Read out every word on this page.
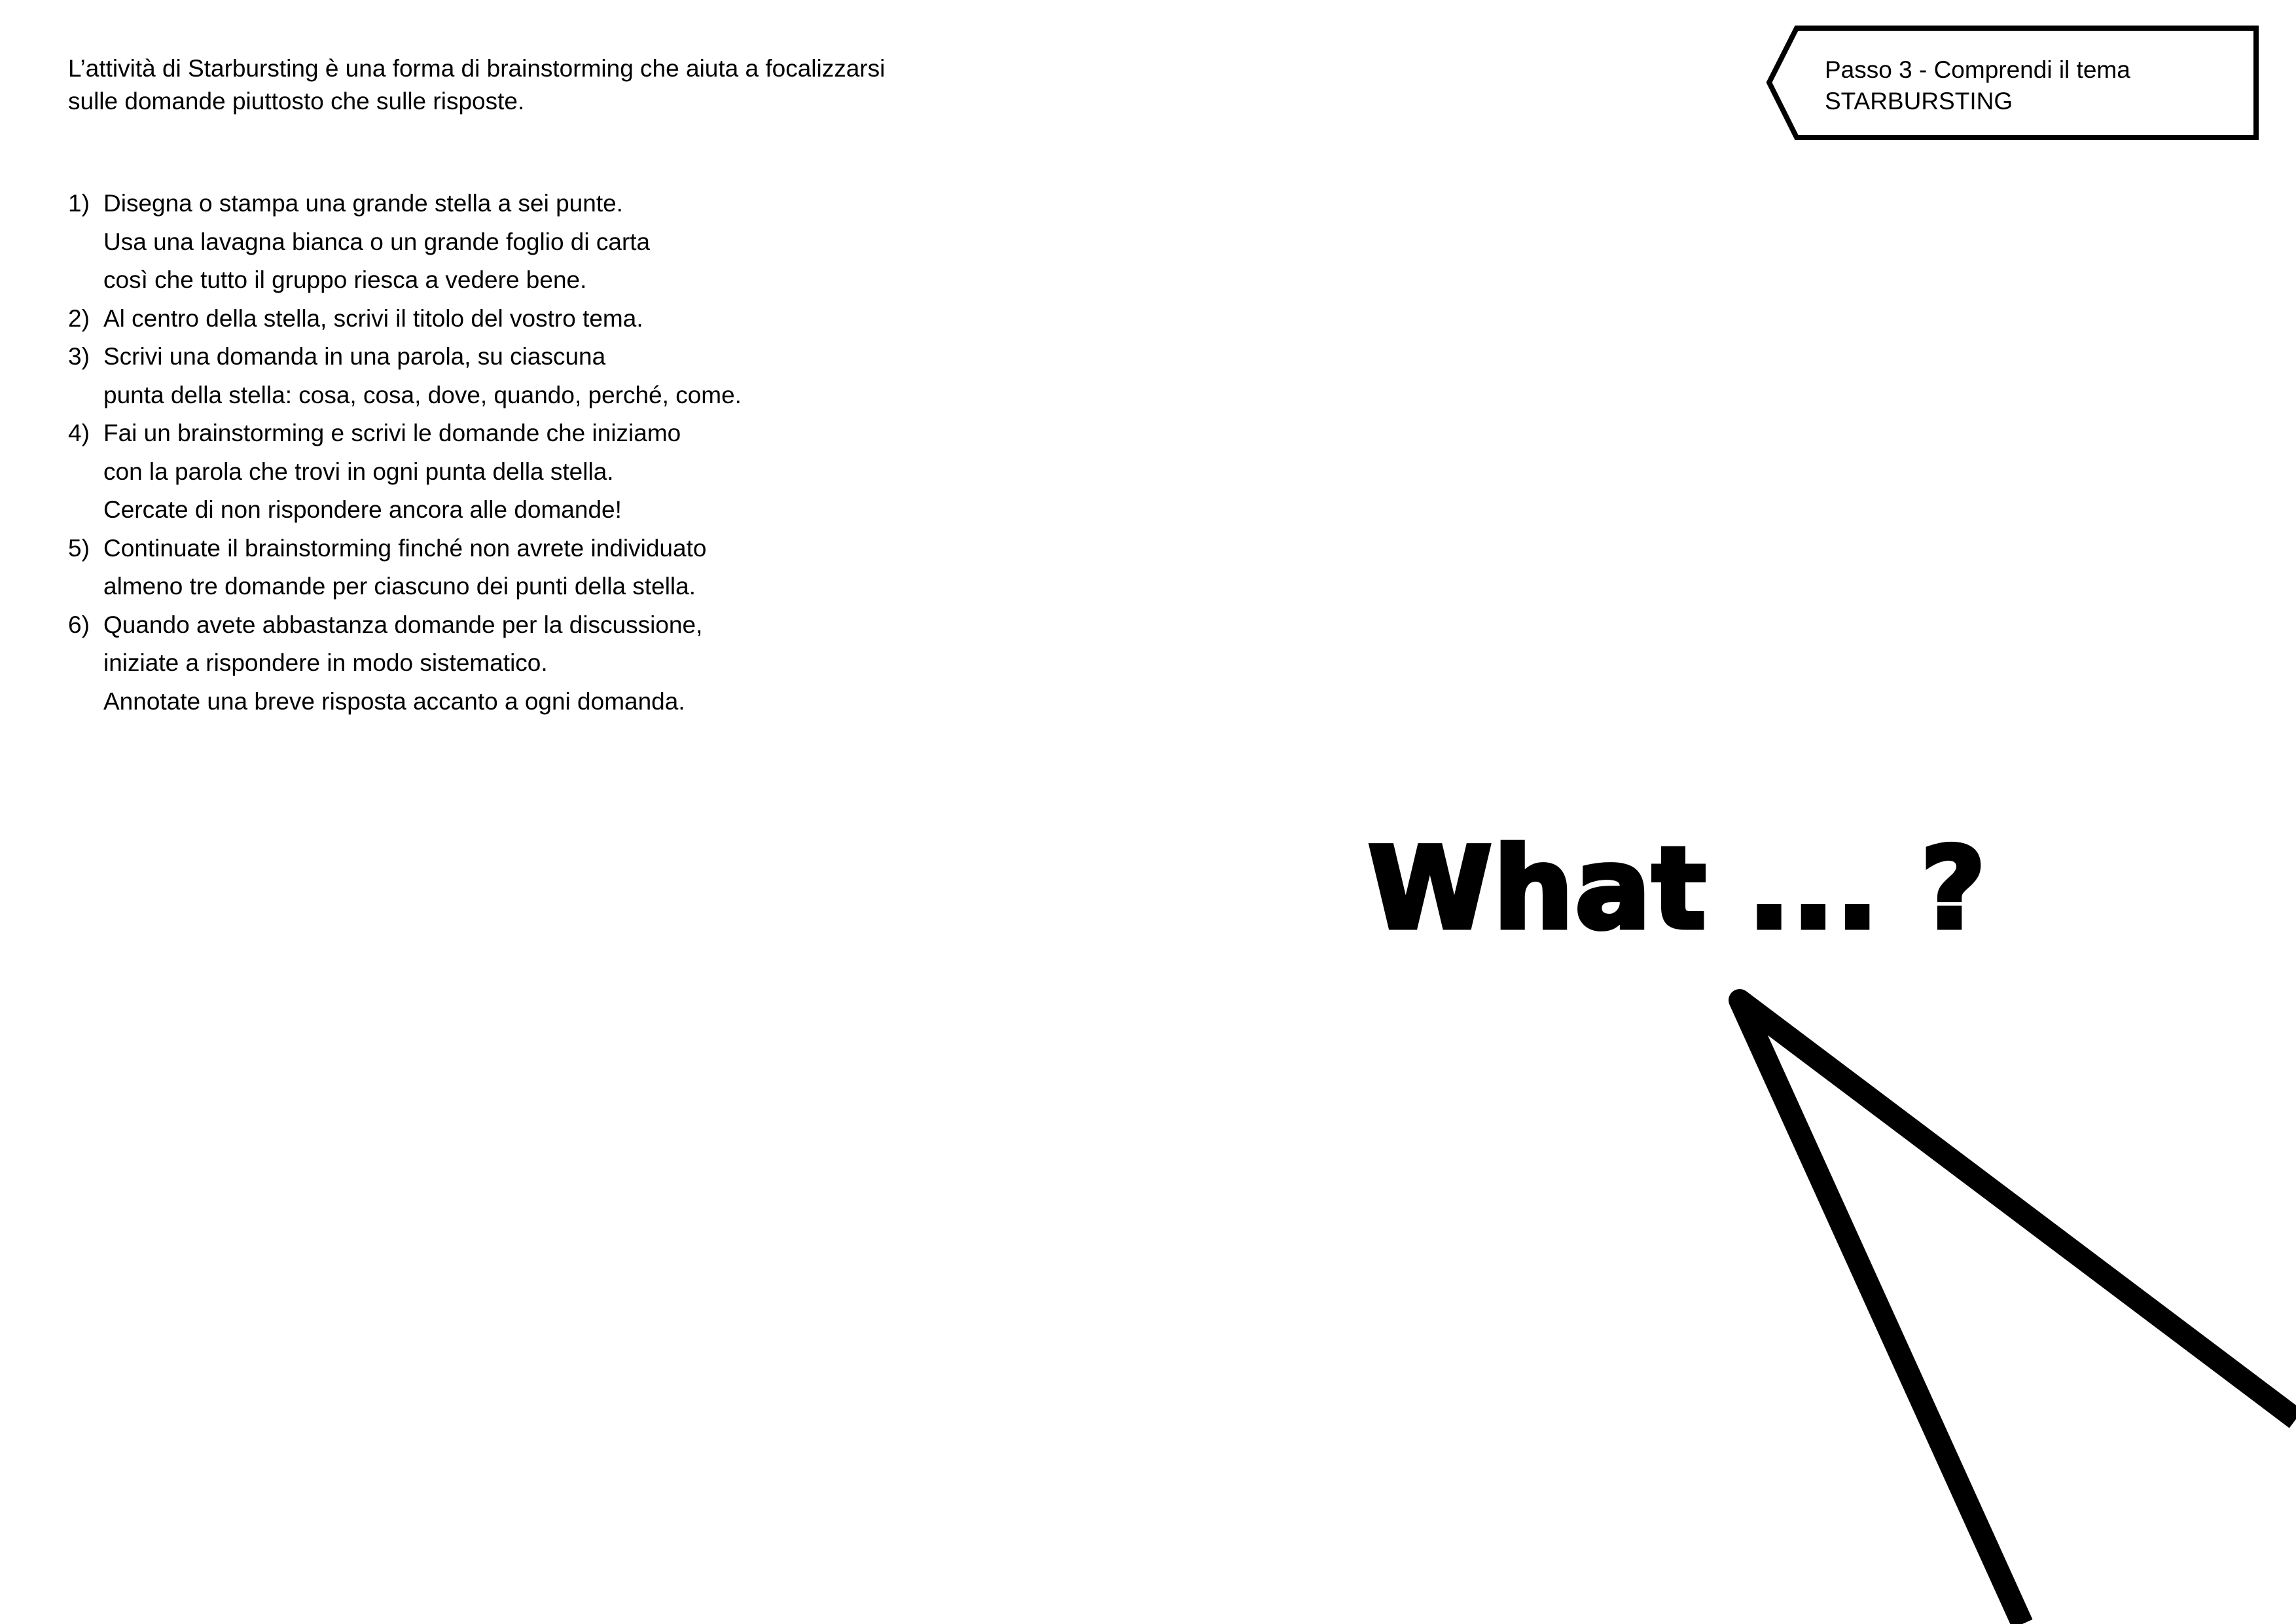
L’attività di Starbursting è una forma di brainstorming che aiuta a focalizzarsi
sulle domande piuttosto che sulle risposte.
1) Disegna o stampa una grande stella a sei punte.
Usa una lavagna bianca o un grande foglio di carta
così che tutto il gruppo riesca a vedere bene.
2) Al centro della stella, scrivi il titolo del vostro tema.
3) Scrivi una domanda in una parola, su ciascuna
punta della stella: cosa, cosa, dove, quando, perché, come.
4) Fai un brainstorming e scrivi le domande che iniziamo
con la parola che trovi in ogni punta della stella.
Cercate di non rispondere ancora alle domande!
5) Continuate il brainstorming finché non avrete individuato
almeno tre domande per ciascuno dei punti della stella.
6) Quando avete abbastanza domande per la discussione,
iniziate a rispondere in modo sistematico.
Annotate una breve risposta accanto a ogni domanda.
Passo 3 - Comprendi il tema
STARBURSTING
What ... ?
